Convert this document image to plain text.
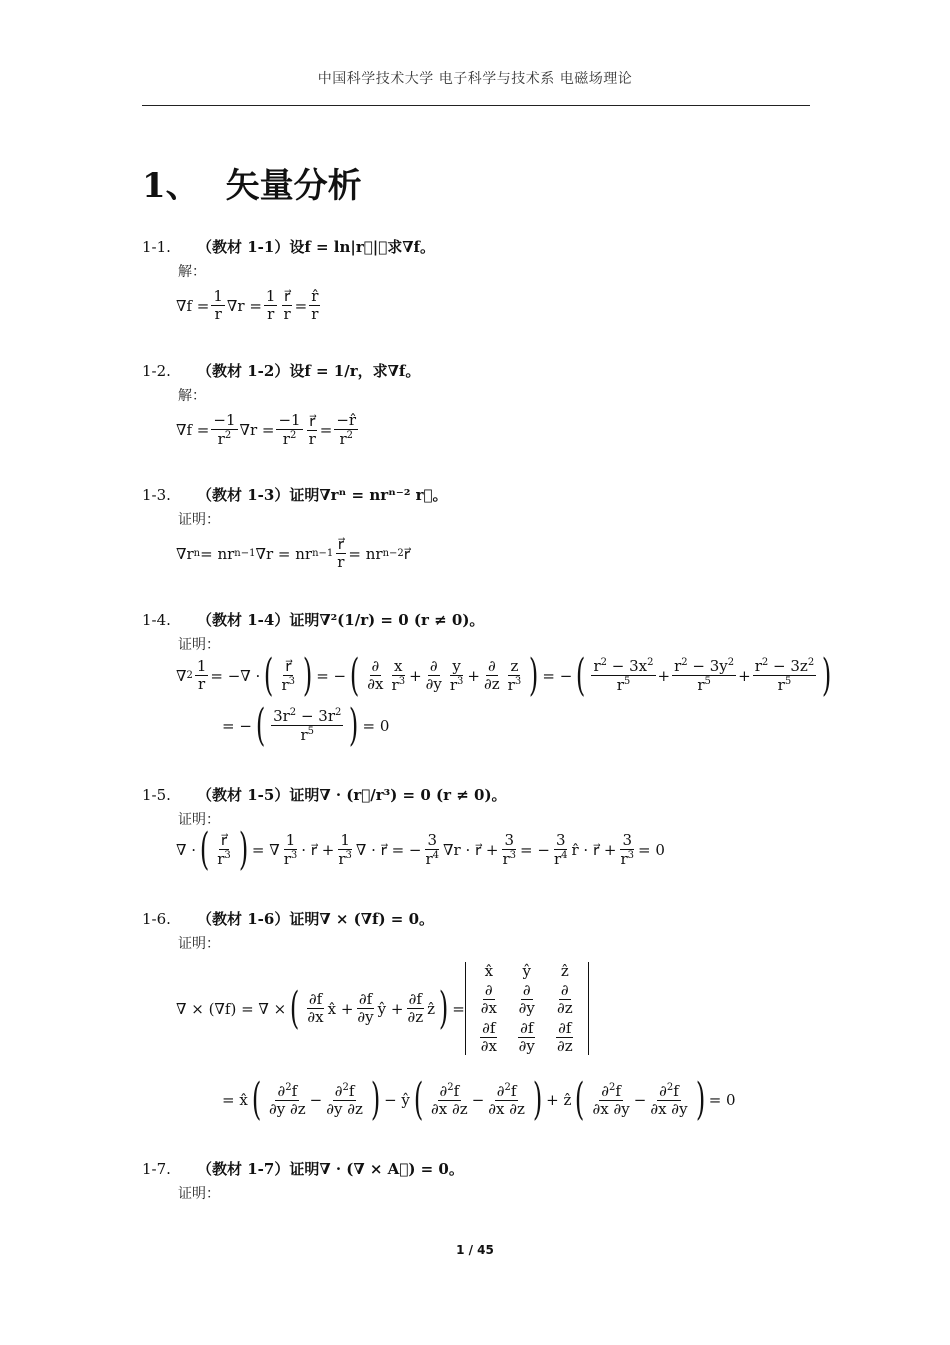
中国科学技术大学 电子科学与技术系 电磁场理论
1、 矢量分析
1-1. （教材 1-1）设f = ln|r⃗|，求∇f。
解：
∇f =
1
r ∇r =
1
r
r⃗
r =
r̂
r
1-2. （教材 1-2）设f = 1/r，求∇f。
解：
∇f =
−1
$r^2$ ∇r =
−1
$r^2$
r⃗
r =
−r̂
$r^2$
1-3. （教材 1-3）证明∇rⁿ = nrⁿ⁻² r⃗。
证明：
∇r n = nr n−1 ∇r = nr n−1
r⃗
r = nr n−2 r⃗
1-4. （教材 1-4）证明∇²(1/r) = 0 (r ≠ 0)。
证明：
∇ 2
1
r = −∇ · ( r⃗
$r^3$ ) = − ( ∂
∂x
x
$r^3$ +
∂
∂y
y
$r^3$ +
∂
∂z
z
$r^3$ ) = − ( $r^2 - 3x^2$
$r^5$ +
$r^2 - 3y^2$
$r^5$ +
$r^2 - 3z^2$
$r^5$ )
= − ( $3r^2 - 3r^2$
$r^5$ ) = 0
1-5. （教材 1-5）证明∇ · (r⃗/r³) = 0 (r ≠ 0)。
证明：
∇ · ( r⃗
$r^3$ ) = ∇
1
$r^3$ · r⃗ +
1
$r^3$ ∇ · r⃗ = −
3
$r^4$ ∇r · r⃗ +
3
$r^3$ = −
3
$r^4$ r̂ · r⃗ +
3
$r^3 = 0$
1-6. （教材 1-6）证明∇ × (∇f) = 0。
证明：
∇ × (∇f) = ∇ × ( ∂f
∂x x̂ +
∂f
∂y ŷ +
∂f
∂z ẑ ) =
x̂ ŷ ẑ
∂
∂x
∂
∂y
∂
∂z
∂f
∂x
∂f
∂y
∂f
∂z
= x̂ ( ∂$^2$f
∂y ∂z −
∂$^2$f
∂y ∂z ) − ŷ ( ∂$^2$f
∂x ∂z −
∂$^2$f
∂x ∂z ) + ẑ ( ∂$^2$f
∂x ∂y −
∂$^2$f
∂x ∂y ) = 0
1-7. （教材 1-7）证明∇ · (∇ × A⃗) = 0。
证明：
1 / 45
